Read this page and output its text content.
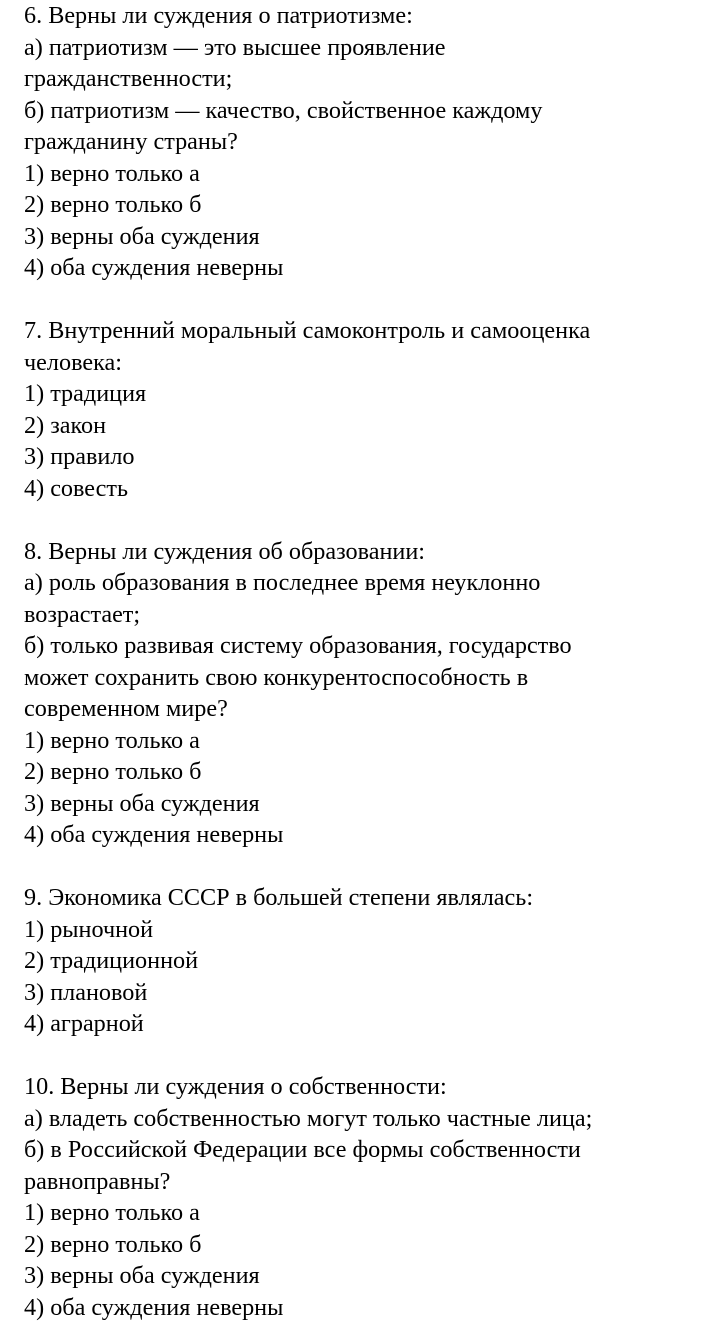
6. Верны ли суждения о патриотизме:

а) патриотизм — это высшее проявление

гражданственности;

б) патриотизм — качество, свойственное каждому

гражданину страны?

1) верно только а

2) верно только б

3) верны оба суждения

4) оба суждения неверны

7. Внутренний моральный самоконтроль и самооценка

человека:

1) традиция

2) закон

3) правило

4) совесть

8. Верны ли суждения об образовании:

а) роль образования в последнее время неуклонно

возрастает;

б) только развивая систему образования, государство

может сохранить свою конкурентоспособность в

современном мире?

1) верно только а

2) верно только б

3) верны оба суждения

4) оба суждения неверны

9. Экономика СССР в большей степени являлась:

1) рыночной

2) традиционной

3) плановой

4) аграрной

10. Верны ли суждения о собственности:

а) владеть собственностью могут только частные лица;

б) в Российской Федерации все формы собственности

равноправны?

1) верно только а

2) верно только б

3) верны оба суждения

4) оба суждения неверны
